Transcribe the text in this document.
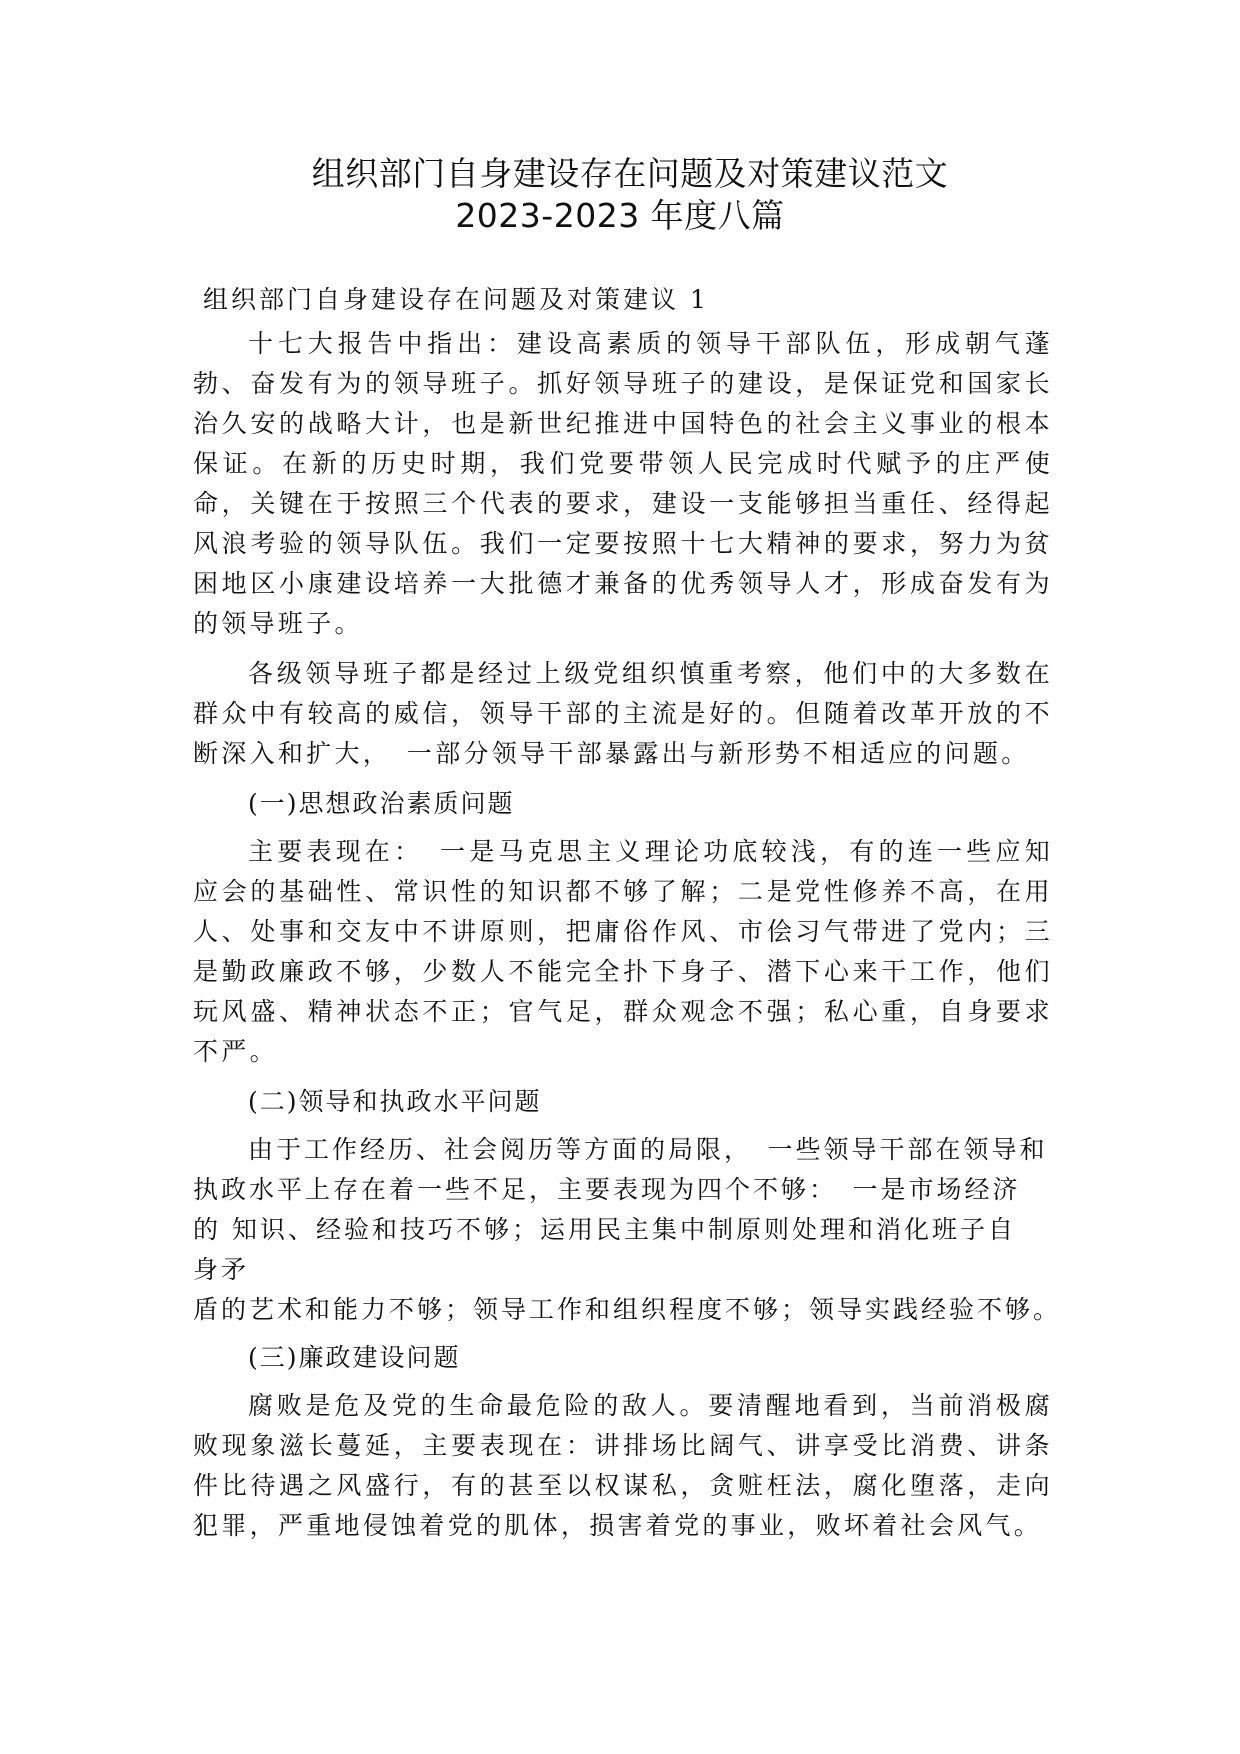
组织部门自身建设存在问题及对策建议范文
2023-2023 年度八篇
组织部门自身建设存在问题及对策建议 1

十七大报告中指出：建设高素质的领导干部队伍，形成朝气蓬勃、奋发有为的领导班子。抓好领导班子的建设，是保证党和国家长治久安的战略大计，也是新世纪推进中国特色的社会主义事业的根本保证。在新的历史时期，我们党要带领人民完成时代赋予的庄严使命，关键在于按照三个代表的要求，建设一支能够担当重任、经得起风浪考验的领导队伍。我们一定要按照十七大精神的要求，努力为贫困地区小康建设培养一大批德才兼备的优秀领导人才，形成奋发有为的领导班子。

各级领导班子都是经过上级党组织慎重考察，他们中的大多数在群众中有较高的威信，领导干部的主流是好的。但随着改革开放的不断深入和扩大，　一部分领导干部暴露出与新形势不相适应的问题。

(一)思想政治素质问题

主要表现在：　一是马克思主义理论功底较浅，有的连一些应知应会的基础性、常识性的知识都不够了解；二是党性修养不高，在用人、处事和交友中不讲原则，把庸俗作风、市侩习气带进了党内；三是勤政廉政不够，少数人不能完全扑下身子、潜下心来干工作，他们玩风盛、精神状态不正；官气足，群众观念不强；私心重，自身要求不严。

(二)领导和执政水平问题
由于工作经历、社会阅历等方面的局限，　一些领导干部在领导和
执政水平上存在着一些不足，主要表现为四个不够：　一是市场经济
的 知识、经验和技巧不够；运用民主集中制原则处理和消化班子自
身矛
盾的艺术和能力不够；领导工作和组织程度不够；领导实践经验不够。
(三)廉政建设问题

腐败是危及党的生命最危险的敌人。要清醒地看到，当前消极腐败现象滋长蔓延，主要表现在：讲排场比阔气、讲享受比消费、讲条件比待遇之风盛行，有的甚至以权谋私，贪赃枉法，腐化堕落，走向犯罪，严重地侵蚀着党的肌体，损害着党的事业，败坏着社会风气。
